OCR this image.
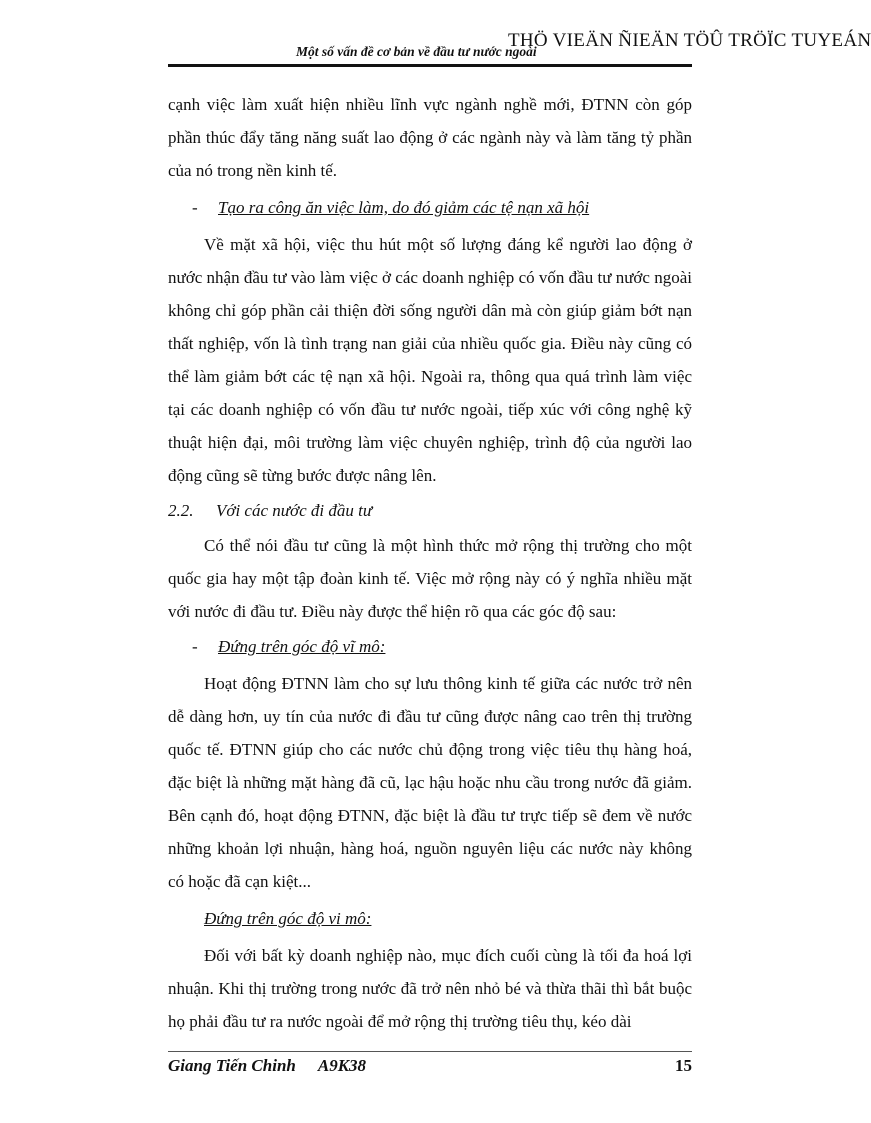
THÖ VIEÄN ÑIEÄN TÖÛ TRÖÏC TUYEÁN
Một số vấn đề cơ bản về đầu tư nước ngoài

cạnh việc làm xuất hiện nhiều lĩnh vực ngành nghề mới, ĐTNN còn góp phần thúc đẩy tăng năng suất lao động ở các ngành này và làm tăng tỷ phần của nó trong nền kinh tế.

-	Tạo ra công ăn việc làm, do đó giảm các tệ nạn xã hội

Về mặt xã hội, việc thu hút một số lượng đáng kể người lao động ở nước nhận đầu tư vào làm việc ở các doanh nghiệp có vốn đầu tư nước ngoài không chỉ góp phần cải thiện đời sống người dân mà còn giúp giảm bớt nạn thất nghiệp, vốn là tình trạng nan giải của nhiều quốc gia. Điều này cũng có thể làm giảm bớt các tệ nạn xã hội. Ngoài ra, thông qua quá trình làm việc tại các doanh nghiệp có vốn đầu tư nước ngoài, tiếp xúc với công nghệ kỹ thuật hiện đại, môi trường làm việc chuyên nghiệp, trình độ của người lao động cũng sẽ từng bước được nâng lên.

2.2.	Với các nước đi đầu tư

Có thể nói đầu tư cũng là một hình thức mở rộng thị trường cho một quốc gia hay một tập đoàn kinh tế. Việc mở rộng này có ý nghĩa nhiều mặt với nước đi đầu tư. Điều này được thể hiện rõ qua các góc độ sau:

-	Đứng trên góc độ vĩ mô:

Hoạt động ĐTNN làm cho sự lưu thông kinh tế giữa các nước trở nên dễ dàng hơn, uy tín của nước đi đầu tư cũng được nâng cao trên thị trường quốc tế. ĐTNN giúp cho các nước chủ động trong việc tiêu thụ hàng hoá, đặc biệt là những mặt hàng đã cũ, lạc hậu hoặc nhu cầu trong nước đã giảm. Bên cạnh đó, hoạt động ĐTNN, đặc biệt là đầu tư trực tiếp sẽ đem về nước những khoản lợi nhuận, hàng hoá, nguồn nguyên liệu các nước này không có hoặc đã cạn kiệt...

Đứng trên góc độ vi mô:

Đối với bất kỳ doanh nghiệp nào, mục đích cuối cùng là tối đa hoá lợi nhuận. Khi thị trường trong nước đã trở nên nhỏ bé và thừa thãi thì bắt buộc họ phải đầu tư ra nước ngoài để mở rộng thị trường tiêu thụ, kéo dài

Giang Tiến Chinh A9K38	15
